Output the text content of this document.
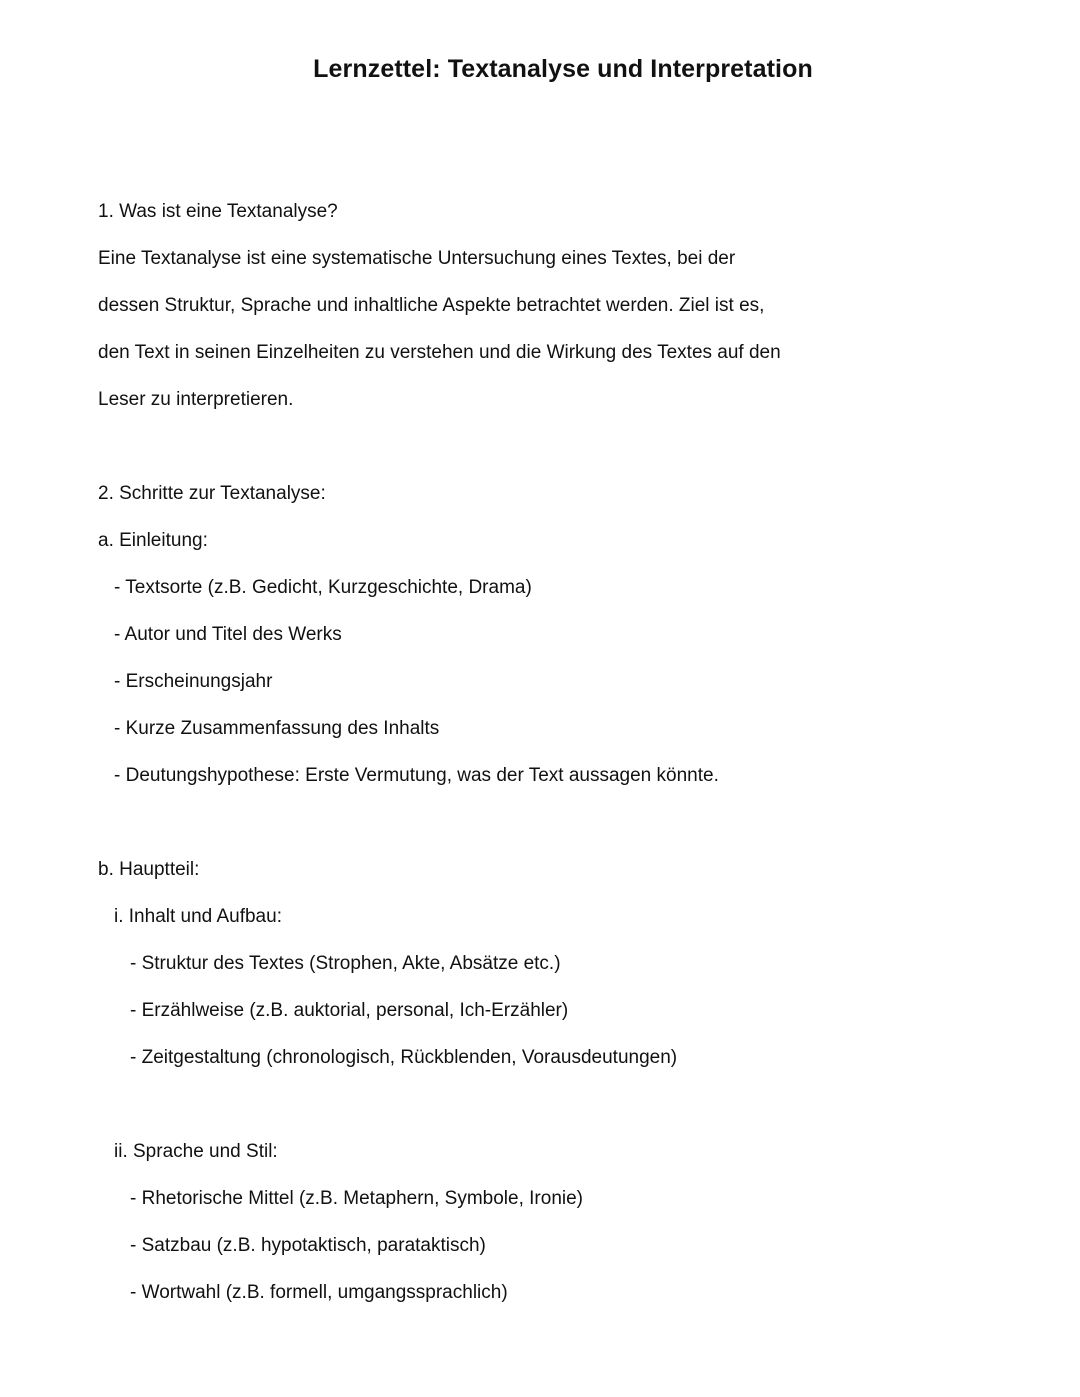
Lernzettel: Textanalyse und Interpretation

1. Was ist eine Textanalyse?

Eine Textanalyse ist eine systematische Untersuchung eines Textes, bei der

dessen Struktur, Sprache und inhaltliche Aspekte betrachtet werden. Ziel ist es,

den Text in seinen Einzelheiten zu verstehen und die Wirkung des Textes auf den

Leser zu interpretieren.

2. Schritte zur Textanalyse:

a. Einleitung:

- Textsorte (z.B. Gedicht, Kurzgeschichte, Drama)

- Autor und Titel des Werks

- Erscheinungsjahr

- Kurze Zusammenfassung des Inhalts

- Deutungshypothese: Erste Vermutung, was der Text aussagen könnte.

b. Hauptteil:

i. Inhalt und Aufbau:

- Struktur des Textes (Strophen, Akte, Absätze etc.)

- Erzählweise (z.B. auktorial, personal, Ich-Erzähler)

- Zeitgestaltung (chronologisch, Rückblenden, Vorausdeutungen)

ii. Sprache und Stil:

- Rhetorische Mittel (z.B. Metaphern, Symbole, Ironie)

- Satzbau (z.B. hypotaktisch, parataktisch)

- Wortwahl (z.B. formell, umgangssprachlich)
